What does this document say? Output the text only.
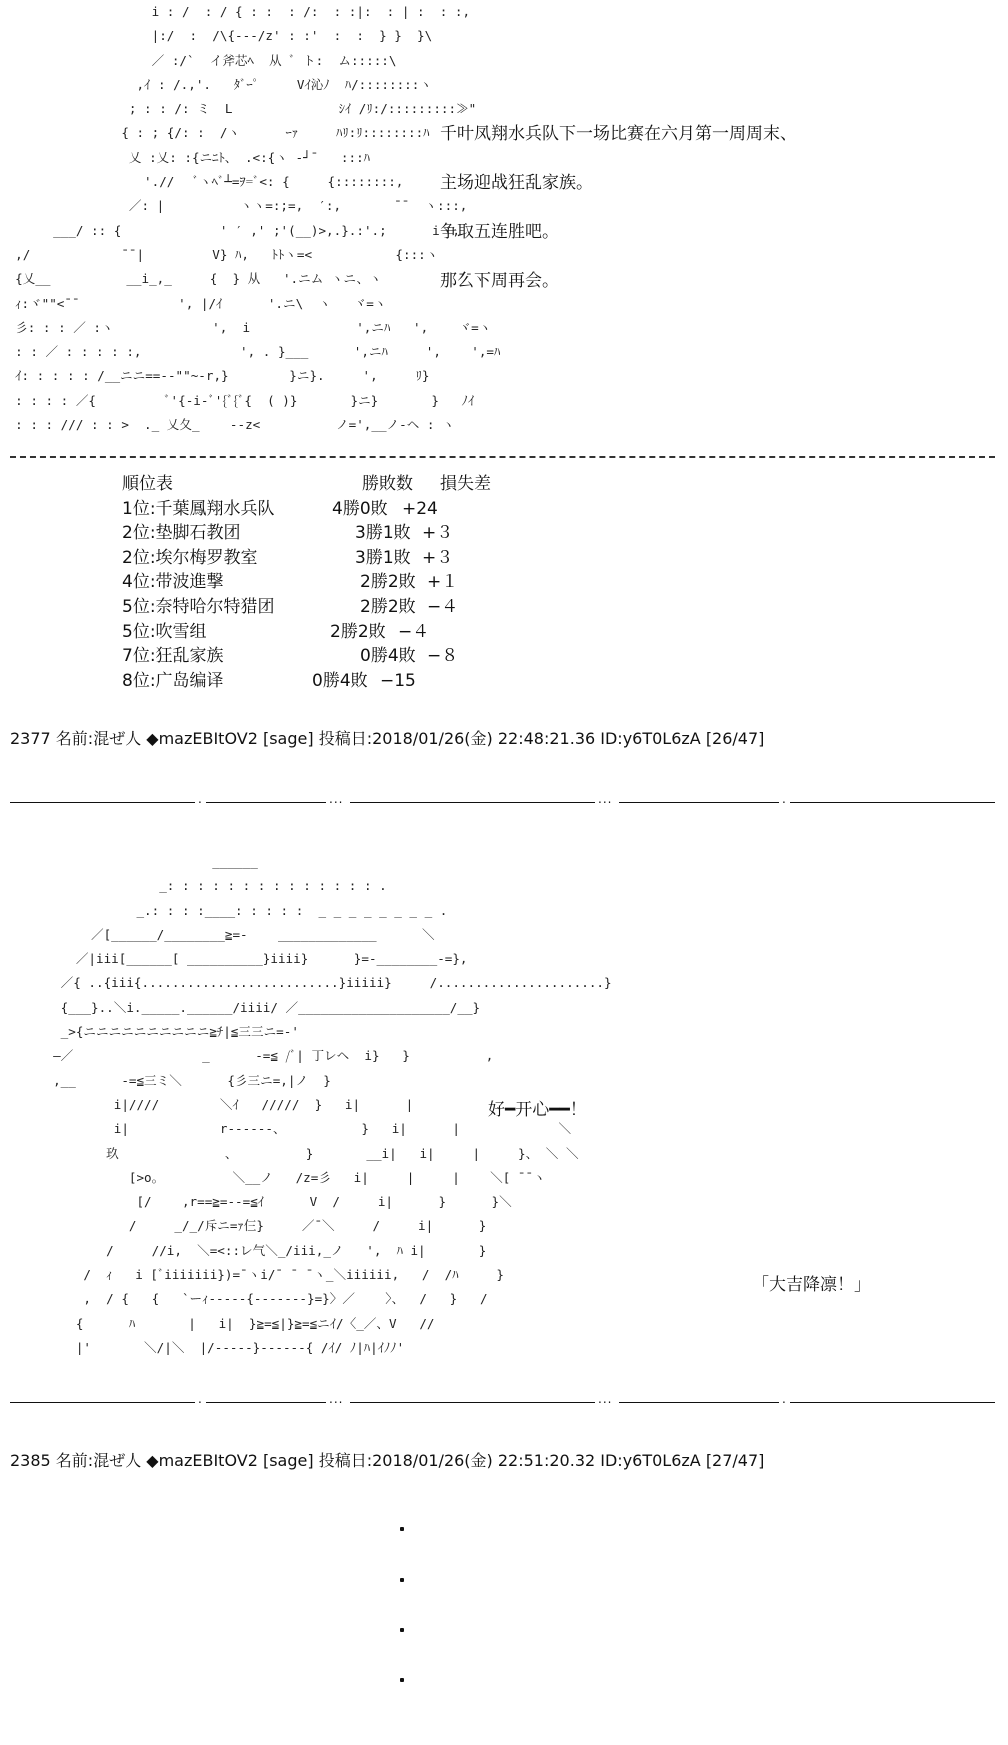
i : /  : / { : :  : /:  : :|:  : | :  : :,
|:/  :  /\{---/z' : :'  :  :  } }  }\
／ :/`  イ斧芯ﾍ  从 ﾞ ト:  ム:::::\
,ｲ : /.,'.   ﾀﾞｰﾟ     Vｲ沁ﾉ  ﾊ/::::::::ヽ
; : : /: ミ  L              ｼｲ /ﾘ:/:::::::::≫"
{ : ; {/: :  /ヽ      ｰｧ     ﾊﾘ:ﾘ::::::::ﾊ
乂 :乂: :{ニﾆﾄ、 .<:{ヽ ‐┘¯   :::ﾊ
'.//   ﾞヽﾍﾞ┴=ｦ=ﾞ<: {     {::::::::,
／: |          ヽヽ=:;=,  ′:,       ¯¯  ヽ:::,
___/ :: {             ' ′ ,' ;'(__)>,.}.:'.;      iヾ,
,/            ¯¯|         V} ﾊ,   ﾄﾄヽ=<           {:::ヽ
{乂__          __i_,_     {  } 从   '.ニム ヽニ、ヽ          ¯¯ヽ
ｨ:ヾ""<¯¯             ', |/ｲ      '.ニ\  ヽ   ヾ=ヽ
彡: : : ／ :ヽ             ',  i              ',ニﾊ   ',    ヾ=ヽ
: : ／ : : : : :,             ', . }___      ',ニﾊ     ',    ',=ﾊ
ｲ: : : : : /__ニニ==--""~‐r,}        }ニ}.     ',     ﾘ}
: : : : ／{         ﾞ'{-i-ﾞ'{ﾞ{ﾞ{  ( )}       }ニ}       }   ﾉｲ
: : : /// : : >  ._ 乂夂_    --z<          ノ=',__ノ-ヘ : ヽ
千叶凤翔水兵队下一场比赛在六月第一周周末、
主场迎战狂乱家族。
争取五连胜吧。
那么下周再会。
順位表	勝敗数 損失差
1位:千葉鳳翔水兵队	4勝0敗 +24
2位:垫脚石教团	3勝1敗 +３
2位:埃尔梅罗教室	3勝1敗 +３
4位:带波進撃	2勝2敗 +１
5位:奈特哈尔特猎团	2勝2敗 −４
5位:吹雪组	2勝2敗 −４
7位:狂乱家族	0勝4敗 −８
8位:广岛编译	0勝4敗 −15
2377 名前:混ぜ人 ◆mazEBItOV2 [sage] 投稿日:2018/01/26(金) 22:48:21.36 ID:y6T0L6zA [26/47]
.	...	...	.
______
_: : : : : : : : : : : : : : .
_.: : : :____: : : : :  _ _ _ _ _ _ _ _ .
／[______/________≧=-    _____________      ＼
／|iii[______[ __________}iiii}      }=-________-=},
／{ ..{iii{..........................}iiiii}     /......................}
{___}..＼i._____.______/iiii/ ／____________________/__}
_>{ニニニニニニニニニニ≧ﾁ|≦三三ニ=-'
―／                 _      -=≦ /ﾞ| 丁レヘ  i}   }          ,
,__      -=≦三ミ＼      {彡三ニ=,|ノ  }
i|////        ＼ｲ   /////  }   i|      |           、
i|            r------、          }   i|      |             ＼
玖              、         }       __i|   i|     |     }、 ＼ ＼
[>o。         ＼__ノ   /z=彡   i|     |     |    ＼[ ¯¯ヽ
[/    ,r==≧=--=≦ｲ      V  /     i|      }      }＼
/     _/_/斥ニ=ｧ仨}     ／¯＼     /     i|      }
/     //i,  ＼=<::レ气＼_/iii,_ノ   ',  ﾊ i|       }
/  ｨ   i [ﾞiiiiiii})=¯ヽi/¯ ¯ ¯ヽ_＼iiiiii,   /  /ﾊ     }
,  / {   {   `ーｨ-----{-------}=}〉／    〉、  /   }   /
{      ﾊ       |   i|  }≧=≦|}≧=≦ニｲ/〈_／、V   //
|'       ＼/|＼  |/-----}------{ /ｲ/ ﾉ|ﾊ|ｲﾉﾉ'
好━开心━━！
「大吉降凛！」
.	...	...	.
2385 名前:混ぜ人 ◆mazEBItOV2 [sage] 投稿日:2018/01/26(金) 22:51:20.32 ID:y6T0L6zA [27/47]
